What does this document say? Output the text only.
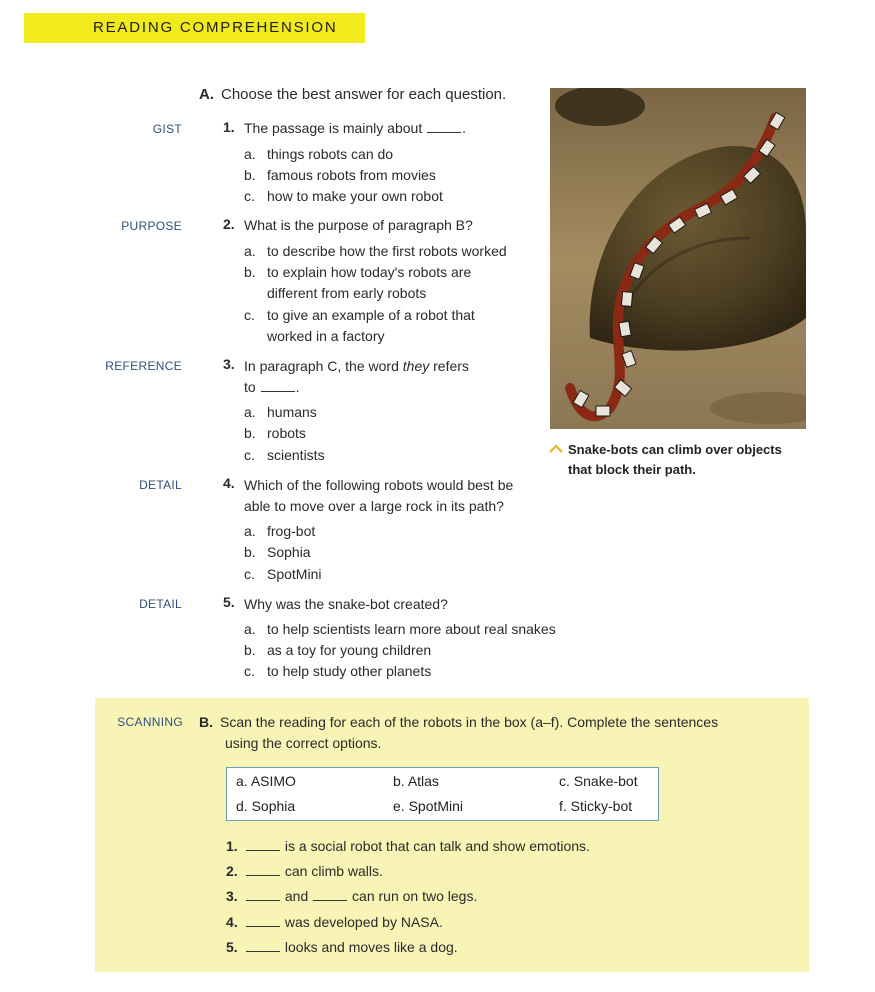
READING COMPREHENSION
A. Choose the best answer for each question.
GIST	1. The passage is mainly about	.
a. things robots can do
b. famous robots from movies
c. how to make your own robot
PURPOSE	2. What is the purpose of paragraph B?
a. to describe how the first robots worked
b. to explain how today's robots are
different from early robots
c. to give an example of a robot that
worked in a factory
REFERENCE	3. In paragraph C, the word they refers
to	.
a. humans
b. robots
c. scientists
DETAIL	4. Which of the following robots would best be
able to move over a large rock in its path?
a. frog-bot
b. Sophia
c. SpotMini
DETAIL	5. Why was the snake-bot created?
a. to help scientists learn more about real snakes
b. as a toy for young children
c. to help study other planets
Snake-bots can climb over objects
that block their path.
SCANNING B. Scan the reading for each of the robots in the box (a–f). Complete the sentences
using the correct options.
a. ASIMO	b. Atlas	c. Snake-bot
d. Sophia	e. SpotMini	f. Sticky-bot
1.	is a social robot that can talk and show emotions.
2.	can climb walls.
3.	and	can run on two legs.
4.	was developed by NASA.
5.	looks and moves like a dog.
